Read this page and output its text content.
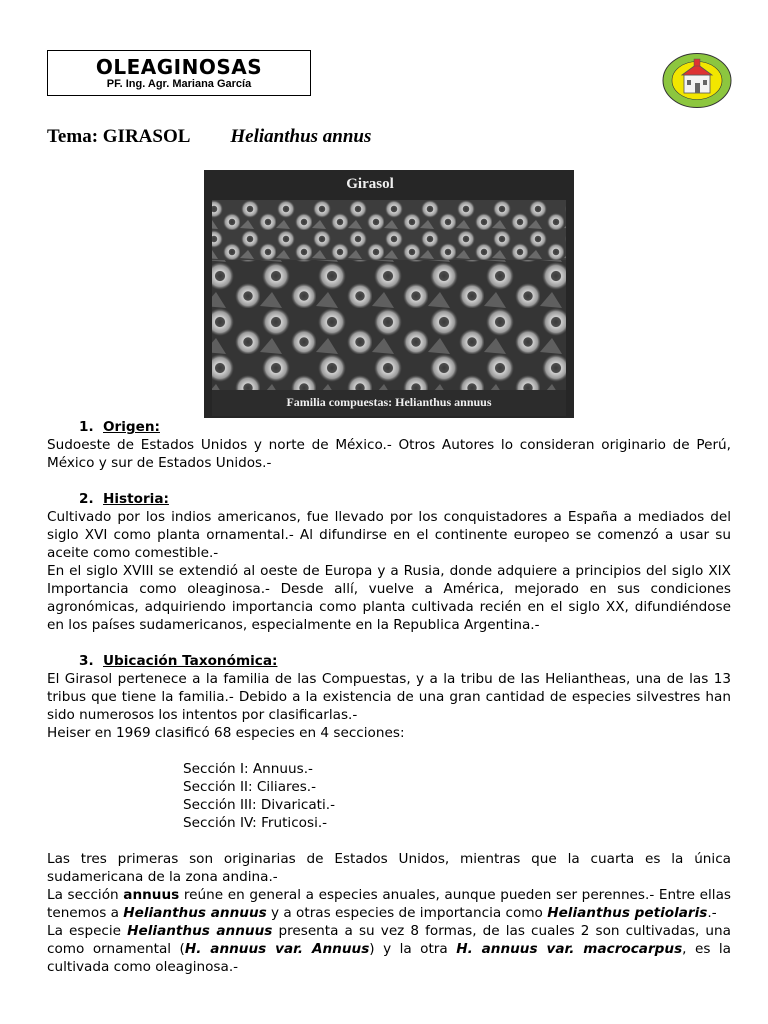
OLEAGINOSAS
PF. Ing. Agr. Mariana García
Tema: GIRASOL Helianthus annus
Girasol
Familia compuestas: Helianthus annuus
1. Origen:

Sudoeste de Estados Unidos y norte de México.- Otros Autores lo consideran originario de Perú, México y sur de Estados Unidos.-

2. Historia:

Cultivado por los indios americanos, fue llevado por los conquistadores a España a mediados del siglo XVI como planta ornamental.- Al difundirse en el continente europeo se comenzó a usar su aceite como comestible.-

En el siglo XVIII se extendió al oeste de Europa y a Rusia, donde adquiere a principios del siglo XIX Importancia como oleaginosa.- Desde allí, vuelve a América, mejorado en sus condiciones agronómicas, adquiriendo importancia como planta cultivada recién en el siglo XX, difundiéndose en los países sudamericanos, especialmente en la Republica Argentina.-

3. Ubicación Taxonómica:

El Girasol pertenece a la familia de las Compuestas, y a la tribu de las Heliantheas, una de las 13 tribus que tiene la familia.- Debido a la existencia de una gran cantidad de especies silvestres han sido numerosos los intentos por clasificarlas.-

Heiser en 1969 clasificó 68 especies en 4 secciones:

Sección I: Annuus.-
Sección II: Ciliares.-
Sección III: Divaricati.-
Sección IV: Fruticosi.-

Las tres primeras son originarias de Estados Unidos, mientras que la cuarta es la única sudamericana de la zona andina.-

La sección annuus reúne en general a especies anuales, aunque pueden ser perennes.- Entre ellas tenemos a Helianthus annuus y a otras especies de importancia como Helianthus petiolaris.-

La especie Helianthus annuus presenta a su vez 8 formas, de las cuales 2 son cultivadas, una como ornamental (H. annuus var. Annuus) y la otra H. annuus var. macrocarpus, es la cultivada como oleaginosa.-
